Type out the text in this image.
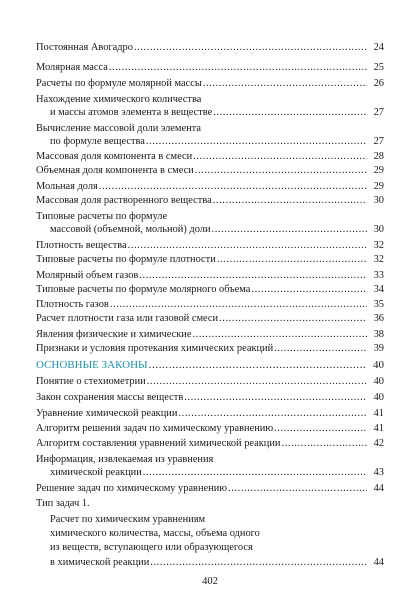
Постоянная Авогадро .....	24
Молярная масса .....	25
Расчеты по формуле молярной массы .....	26
Нахождение химического количества
и массы атомов элемента в веществе .....	27
Вычисление массовой доли элемента
по формуле вещества .....	27
Массовая доля компонента в смеси .....	28
Объемная доля компонента в смеси .....	29
Мольная доля .....	29
Массовая доля растворенного вещества .....	30
Типовые расчеты по формуле
массовой (объемной, мольной) доли .....	30
Плотность вещества .....	32
Типовые расчеты по формуле плотности .....	32
Молярный объем газов .....	33
Типовые расчеты по формуле молярного объема .....	34
Плотность газов .....	35
Расчет плотности газа или газовой смеси .....	36
Явления физические и химические .....	38
Признаки и условия протекания химических реакций .....	39
ОСНОВНЫЕ ЗАКОНЫ .....	40
Понятие о стехиометрии .....	40
Закон сохранения массы веществ .....	40
Уравнение химической реакции .....	41
Алгоритм решения задач по химическому уравнению .....	41
Алгоритм составления уравнений химической реакции .....	42
Информация, извлекаемая из уравнения
химической реакции .....	43
Решение задач по химическому уравнению .....	44
Тип задач 1.
Расчет по химическим уравнениям
химического количества, массы, объема одного
из веществ, вступающего или образующегося
в химической реакции .....	44
402
